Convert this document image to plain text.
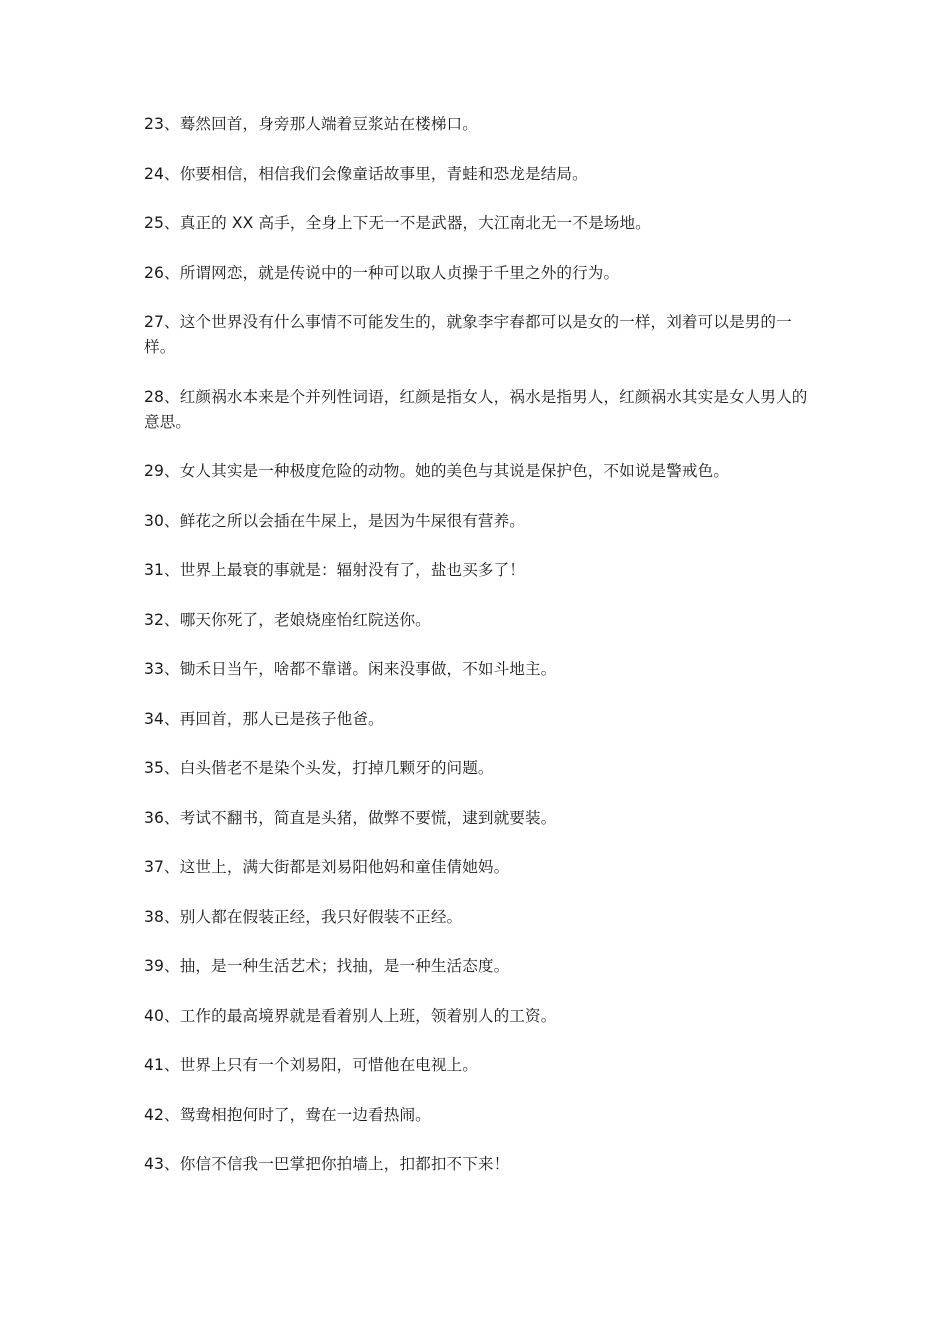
23、蓦然回首，身旁那人端着豆浆站在楼梯口。

24、你要相信，相信我们会像童话故事里，青蛙和恐龙是结局。

25、真正的 XX 高手，全身上下无一不是武器，大江南北无一不是场地。

26、所谓网恋，就是传说中的一种可以取人贞操于千里之外的行为。

27、这个世界没有什么事情不可能发生的，就象李宇春都可以是女的一样，刘着可以是男的一样。

28、红颜祸水本来是个并列性词语，红颜是指女人，祸水是指男人，红颜祸水其实是女人男人的意思。

29、女人其实是一种极度危险的动物。她的美色与其说是保护色，不如说是警戒色。

30、鲜花之所以会插在牛屎上，是因为牛屎很有营养。

31、世界上最衰的事就是：辐射没有了，盐也买多了！

32、哪天你死了，老娘烧座怡红院送你。

33、锄禾日当午，啥都不靠谱。闲来没事做，不如斗地主。

34、再回首，那人已是孩子他爸。

35、白头偕老不是染个头发，打掉几颗牙的问题。

36、考试不翻书，简直是头猪，做弊不要慌，逮到就要装。

37、这世上，满大街都是刘易阳他妈和童佳倩她妈。

38、别人都在假装正经，我只好假装不正经。

39、抽，是一种生活艺术；找抽，是一种生活态度。

40、工作的最高境界就是看着别人上班，领着别人的工资。

41、世界上只有一个刘易阳，可惜他在电视上。

42、鸳鸯相抱何时了，鸯在一边看热闹。

43、你信不信我一巴掌把你拍墙上，扣都扣不下来！
